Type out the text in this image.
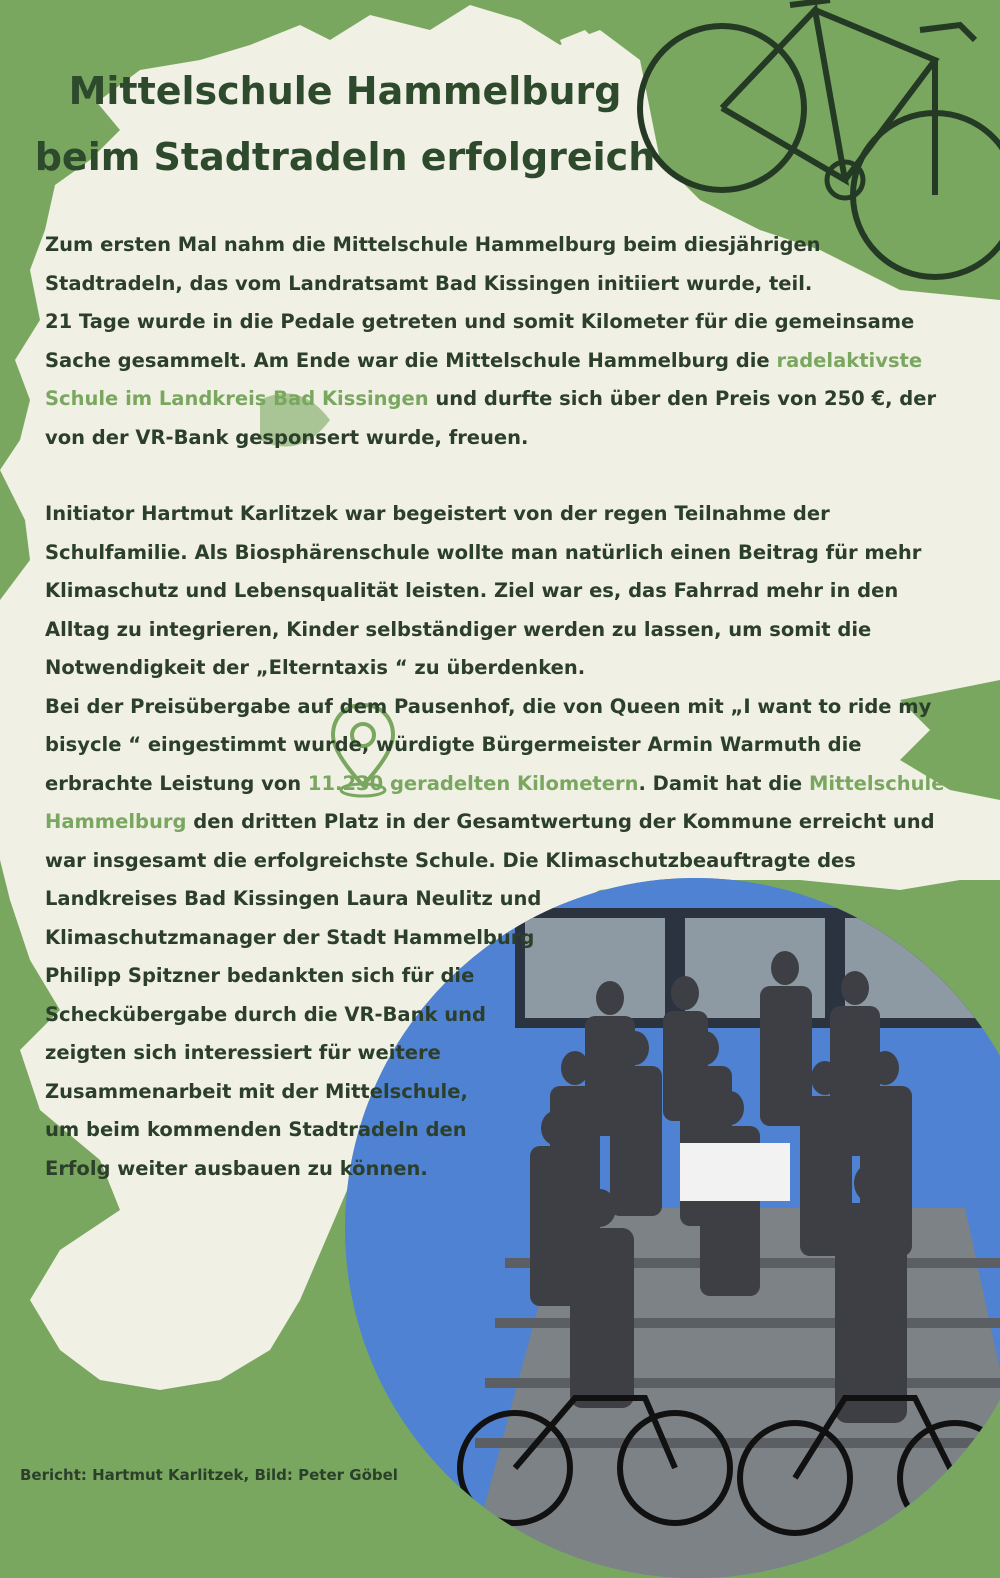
Mittelschule Hammelburg
beim Stadtradeln erfolgreich

Zum ersten Mal nahm die Mittelschule Hammelburg beim diesjährigen Stadtradeln, das vom Landratsamt Bad Kissingen initiiert wurde, teil.
21 Tage wurde in die Pedale getreten und somit Kilometer für die gemeinsame Sache gesammelt. Am Ende war die Mittelschule Hammelburg die radelaktivste Schule im Landkreis Bad Kissingen und durfte sich über den Preis von 250 €, der von der VR-Bank gesponsert wurde, freuen.

Initiator Hartmut Karlitzek war begeistert von der regen Teilnahme der Schulfamilie. Als Biosphärenschule wollte man natürlich einen Beitrag für mehr Klimaschutz und Lebensqualität leisten. Ziel war es, das Fahrrad mehr in den Alltag zu integrieren, Kinder selbständiger werden zu lassen, um somit die Notwendigkeit der „Elterntaxis “ zu überdenken.

Bei der Preisübergabe auf dem Pausenhof, die von Queen mit „I want to ride my bisycle “ eingestimmt wurde, würdigte Bürgermeister Armin Warmuth die erbrachte Leistung von 11.230 geradelten Kilometern. Damit hat die Mittelschule Hammelburg den dritten Platz in der Gesamtwertung der Kommune erreicht und war insgesamt die erfolgreichste Schule. Die Klimaschutzbeauftragte des Landkreises Bad Kissingen Laura Neulitz und

Klimaschutzmanager der Stadt Hammelburg

Philipp Spitzner bedankten sich für die Scheckübergabe durch die VR-Bank und zeigten sich interessiert für weitere Zusammenarbeit mit der Mittelschule, um beim kommenden Stadtradeln den Erfolg weiter ausbauen zu können.

Bericht: Hartmut Karlitzek, Bild: Peter Göbel
